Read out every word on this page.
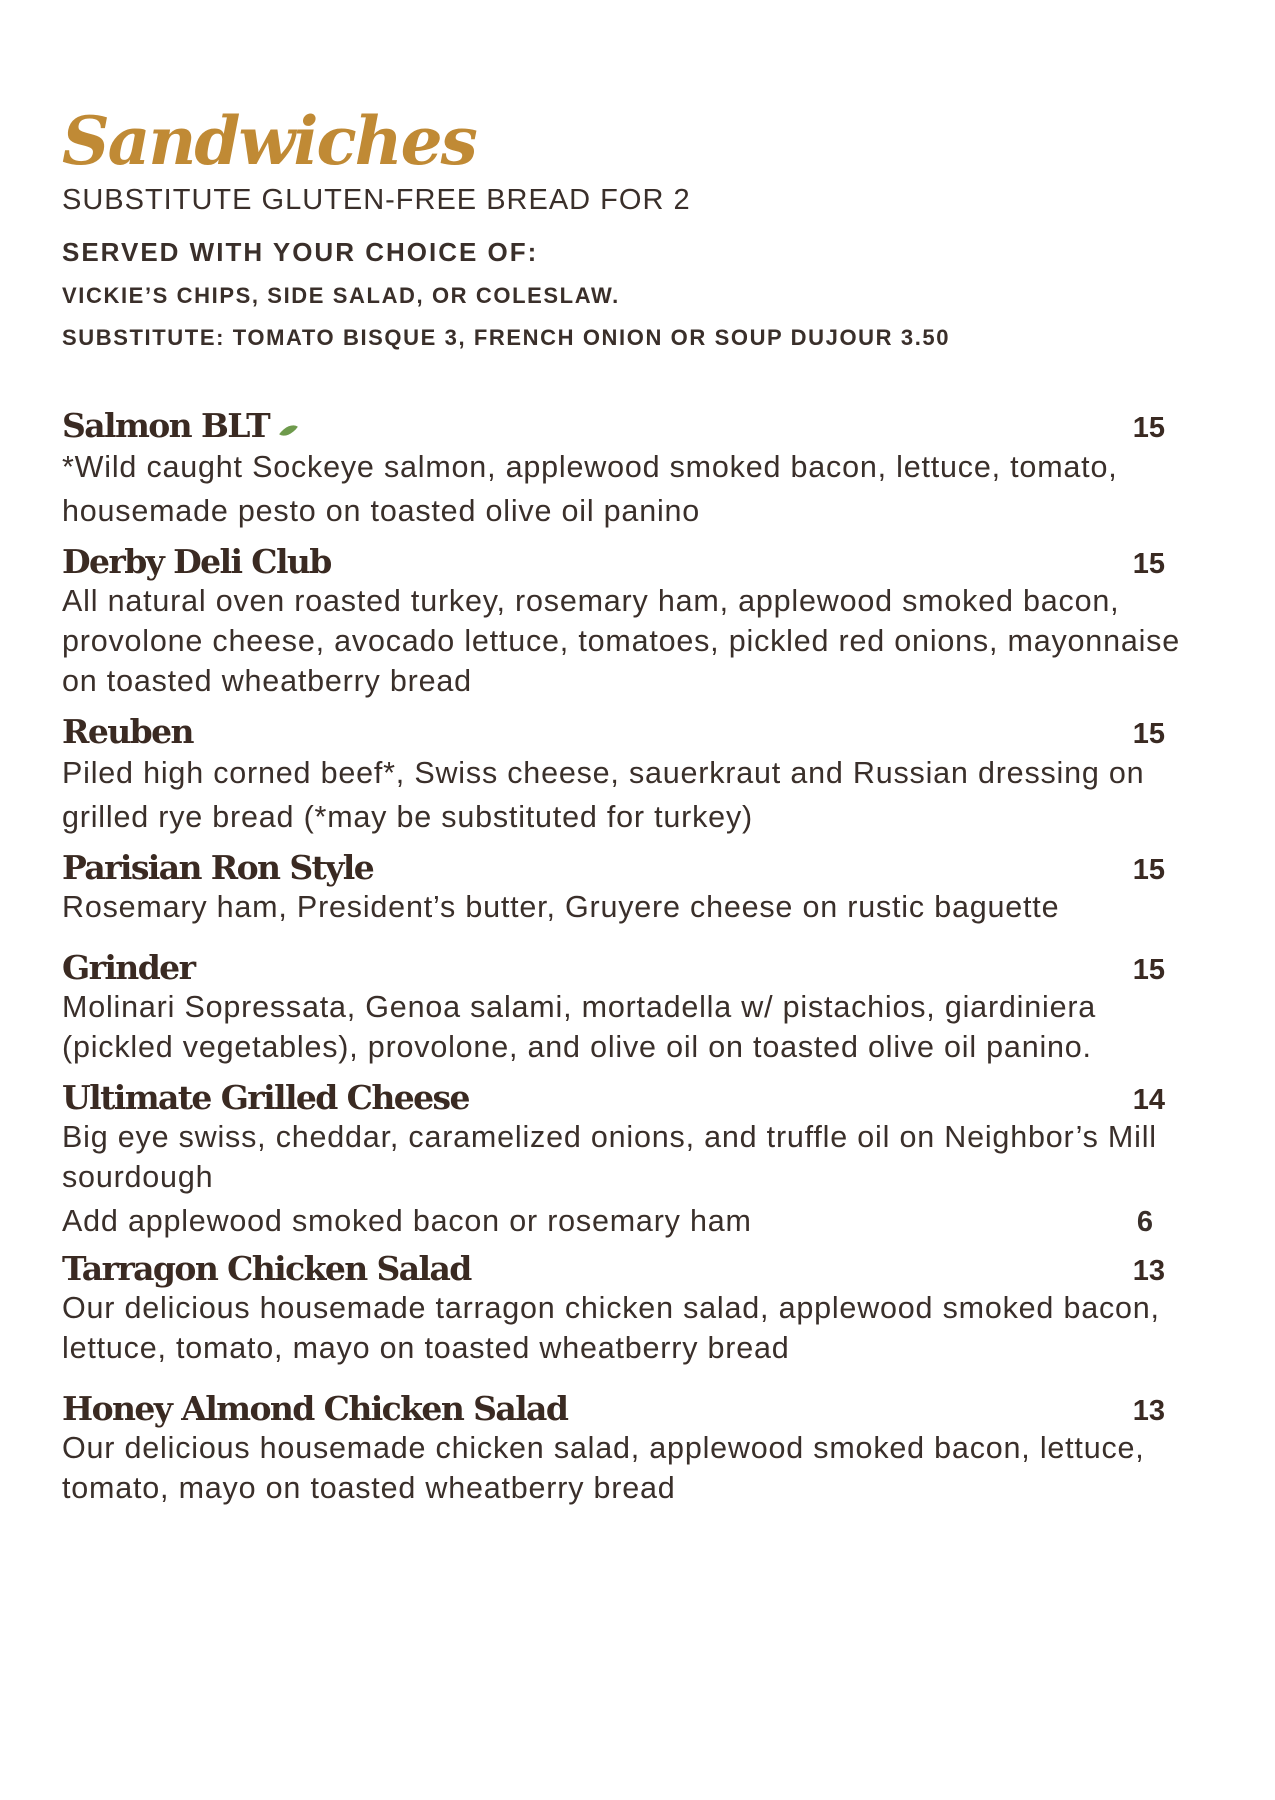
Sandwiches
SUBSTITUTE GLUTEN-FREE BREAD FOR 2
SERVED WITH YOUR CHOICE OF:
VICKIE’S CHIPS, SIDE SALAD, OR COLESLAW.
SUBSTITUTE: TOMATO BISQUE 3, FRENCH ONION OR SOUP DUJOUR 3.50
Salmon BLT	15
*Wild caught Sockeye salmon, applewood smoked bacon, lettuce, tomato, housemade pesto on toasted olive oil panino
Derby Deli Club	15
All natural oven roasted turkey, rosemary ham, applewood smoked bacon, provolone cheese, avocado lettuce, tomatoes, pickled red onions, mayonnaise on toasted wheatberry bread
Reuben	15
Piled high corned beef*, Swiss cheese, sauerkraut and Russian dressing on grilled rye bread (*may be substituted for turkey)
Parisian Ron Style	15
Rosemary ham, President’s butter, Gruyere cheese on rustic baguette
Grinder	15
Molinari Sopressata, Genoa salami, mortadella w/ pistachios, giardiniera (pickled vegetables), provolone, and olive oil on toasted olive oil panino.
Ultimate Grilled Cheese	14
Big eye swiss, cheddar, caramelized onions, and truffle oil on Neighbor’s Mill sourdough
Add applewood smoked bacon or rosemary ham	6
Tarragon Chicken Salad	13
Our delicious housemade tarragon chicken salad, applewood smoked bacon, lettuce, tomato, mayo on toasted wheatberry bread
Honey Almond Chicken Salad	13
Our delicious housemade chicken salad, applewood smoked bacon, lettuce, tomato, mayo on toasted wheatberry bread
